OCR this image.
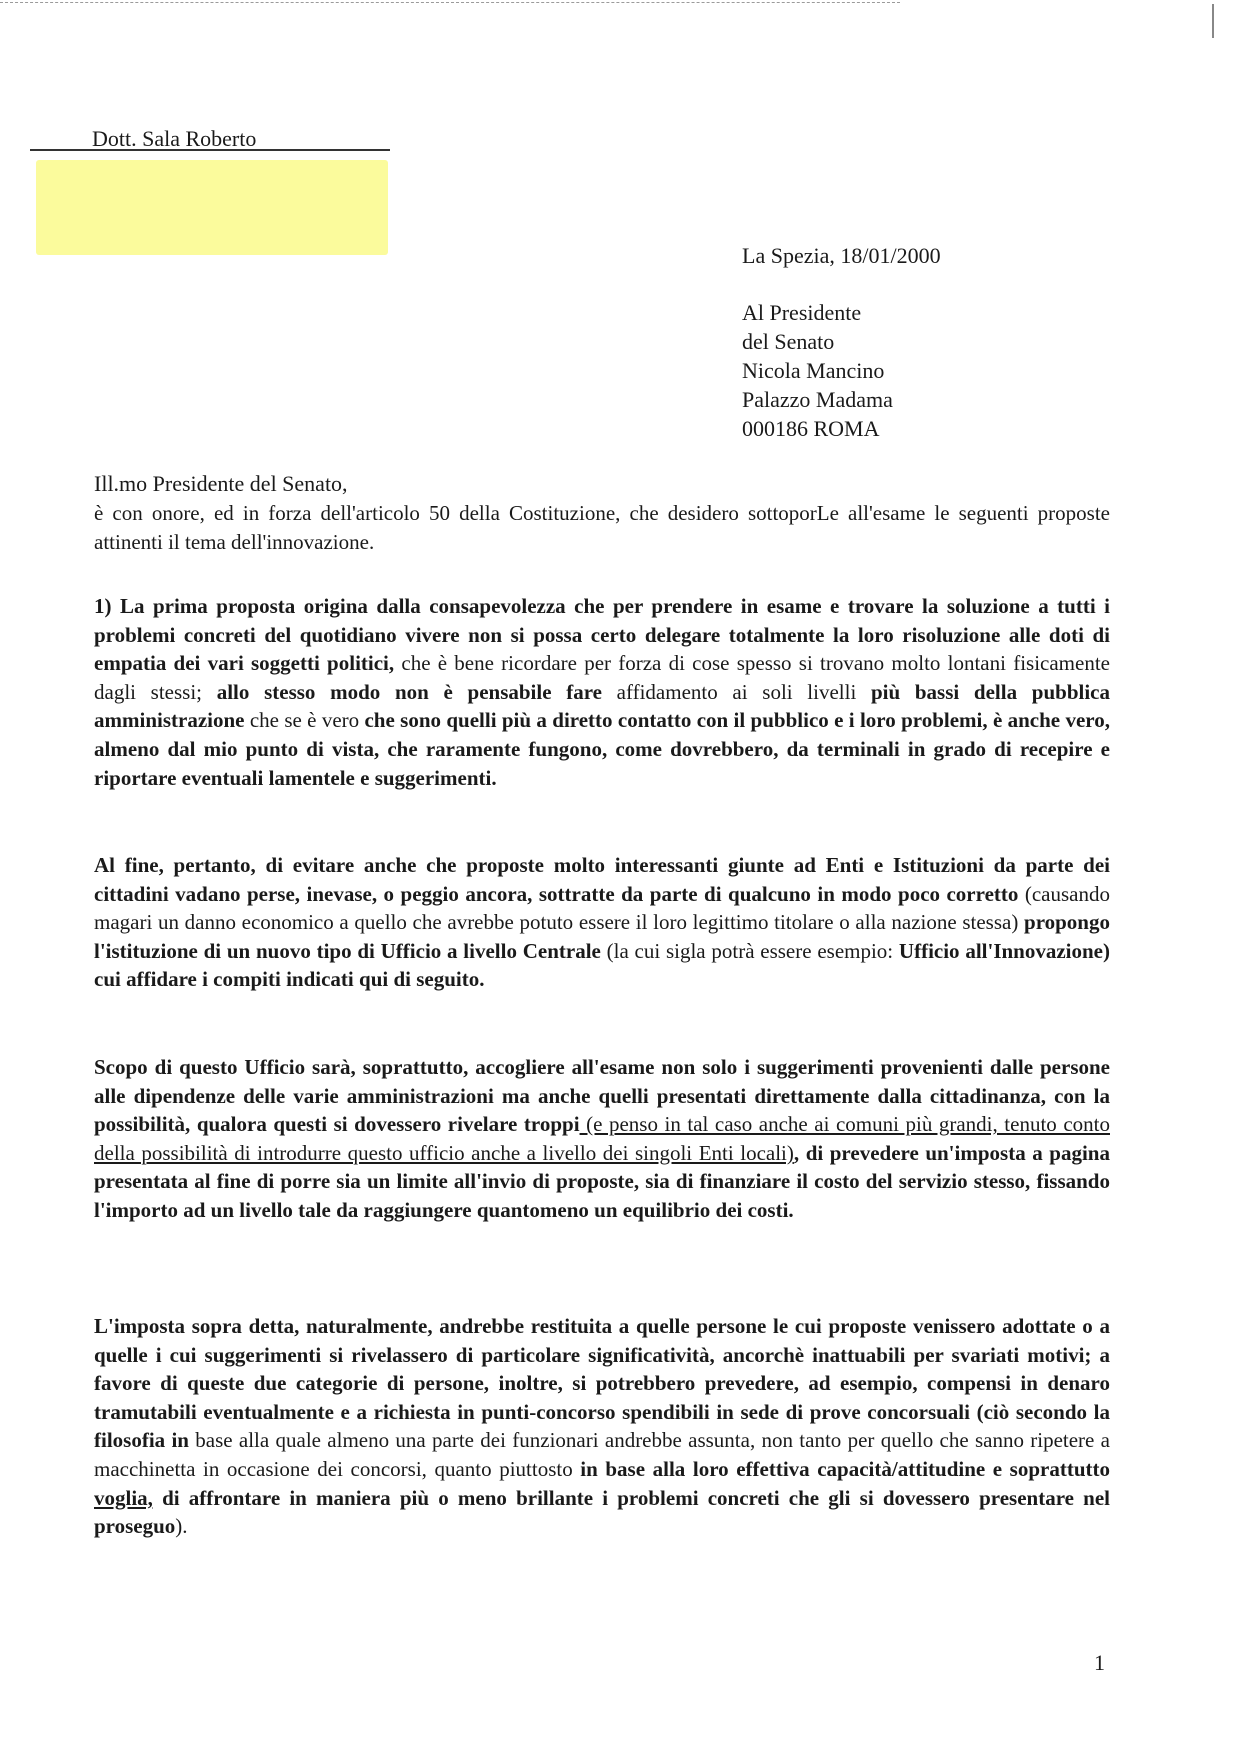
Dott. Sala Roberto
La Spezia, 18/01/2000
Al Presidente
del Senato
Nicola Mancino
Palazzo Madama
000186 ROMA
Ill.mo Presidente del Senato,
è con onore, ed in forza dell'articolo 50 della Costituzione, che desidero sottoporLe all'esame le seguenti proposte attinenti il tema dell'innovazione.
1) La prima proposta origina dalla consapevolezza che per prendere in esame e trovare la soluzione a tutti i problemi concreti del quotidiano vivere non si possa certo delegare totalmente la loro risoluzione alle doti di empatia dei vari soggetti politici, che è bene ricordare per forza di cose spesso si trovano molto lontani fisicamente dagli stessi; allo stesso modo non è pensabile fare affidamento ai soli livelli più bassi della pubblica amministrazione che se è vero che sono quelli più a diretto contatto con il pubblico e i loro problemi, è anche vero, almeno dal mio punto di vista, che raramente fungono, come dovrebbero, da terminali in grado di recepire e riportare eventuali lamentele e suggerimenti.
Al fine, pertanto, di evitare anche che proposte molto interessanti giunte ad Enti e Istituzioni da parte dei cittadini vadano perse, inevase, o peggio ancora, sottratte da parte di qualcuno in modo poco corretto (causando magari un danno economico a quello che avrebbe potuto essere il loro legittimo titolare o alla nazione stessa) propongo l'istituzione di un nuovo tipo di Ufficio a livello Centrale (la cui sigla potrà essere esempio: Ufficio all'Innovazione) cui affidare i compiti indicati qui di seguito.
Scopo di questo Ufficio sarà, soprattutto, accogliere all'esame non solo i suggerimenti provenienti dalle persone alle dipendenze delle varie amministrazioni ma anche quelli presentati direttamente dalla cittadinanza, con la possibilità, qualora questi si dovessero rivelare troppi (e penso in tal caso anche ai comuni più grandi, tenuto conto della possibilità di introdurre questo ufficio anche a livello dei singoli Enti locali), di prevedere un'imposta a pagina presentata al fine di porre sia un limite all'invio di proposte, sia di finanziare il costo del servizio stesso, fissando l'importo ad un livello tale da raggiungere quantomeno un equilibrio dei costi.
L'imposta sopra detta, naturalmente, andrebbe restituita a quelle persone le cui proposte venissero adottate o a quelle i cui suggerimenti si rivelassero di particolare significatività, ancorchè inattuabili per svariati motivi; a favore di queste due categorie di persone, inoltre, si potrebbero prevedere, ad esempio, compensi in denaro tramutabili eventualmente e a richiesta in punti-concorso spendibili in sede di prove concorsuali (ciò secondo la filosofia in base alla quale almeno una parte dei funzionari andrebbe assunta, non tanto per quello che sanno ripetere a macchinetta in occasione dei concorsi, quanto piuttosto in base alla loro effettiva capacità/attitudine e soprattutto voglia, di affrontare in maniera più o meno brillante i problemi concreti che gli si dovessero presentare nel proseguo).
1
